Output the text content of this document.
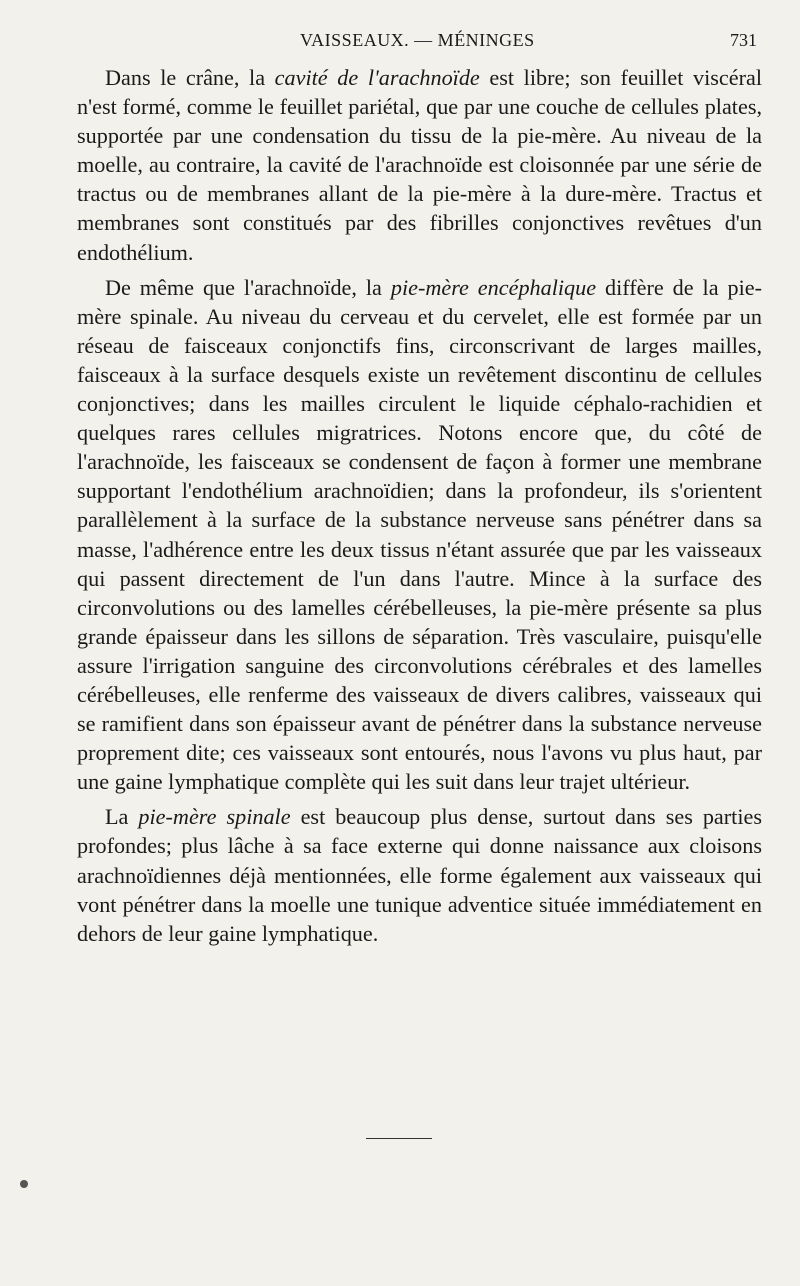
VAISSEAUX. — MÉNINGES	731

Dans le crâne, la cavité de l'arachnoïde est libre; son feuillet viscéral n'est formé, comme le feuillet pariétal, que par une couche de cellules plates, supportée par une condensation du tissu de la pie-mère. Au niveau de la moelle, au contraire, la cavité de l'arachnoïde est cloisonnée par une série de tractus ou de membranes allant de la pie-mère à la dure-mère. Tractus et membranes sont constitués par des fibrilles conjonctives revêtues d'un endothélium.

De même que l'arachnoïde, la pie-mère encéphalique diffère de la pie-mère spinale. Au niveau du cerveau et du cervelet, elle est formée par un réseau de faisceaux conjonctifs fins, circonscrivant de larges mailles, faisceaux à la surface desquels existe un revêtement discontinu de cellules conjonctives; dans les mailles circulent le liquide céphalo-rachidien et quelques rares cellules migratrices. Notons encore que, du côté de l'arachnoïde, les faisceaux se condensent de façon à former une membrane supportant l'endothélium arachnoïdien; dans la profondeur, ils s'orientent parallèlement à la surface de la substance nerveuse sans pénétrer dans sa masse, l'adhérence entre les deux tissus n'étant assurée que par les vaisseaux qui passent directement de l'un dans l'autre. Mince à la surface des circonvolutions ou des lamelles cérébelleuses, la pie-mère présente sa plus grande épaisseur dans les sillons de séparation. Très vasculaire, puisqu'elle assure l'irrigation sanguine des circonvolutions cérébrales et des lamelles cérébelleuses, elle renferme des vaisseaux de divers calibres, vaisseaux qui se ramifient dans son épaisseur avant de pénétrer dans la substance nerveuse proprement dite; ces vaisseaux sont entourés, nous l'avons vu plus haut, par une gaine lymphatique complète qui les suit dans leur trajet ultérieur.

La pie-mère spinale est beaucoup plus dense, surtout dans ses parties profondes; plus lâche à sa face externe qui donne naissance aux cloisons arachnoïdiennes déjà mentionnées, elle forme également aux vaisseaux qui vont pénétrer dans la moelle une tunique adventice située immédiatement en dehors de leur gaine lymphatique.
